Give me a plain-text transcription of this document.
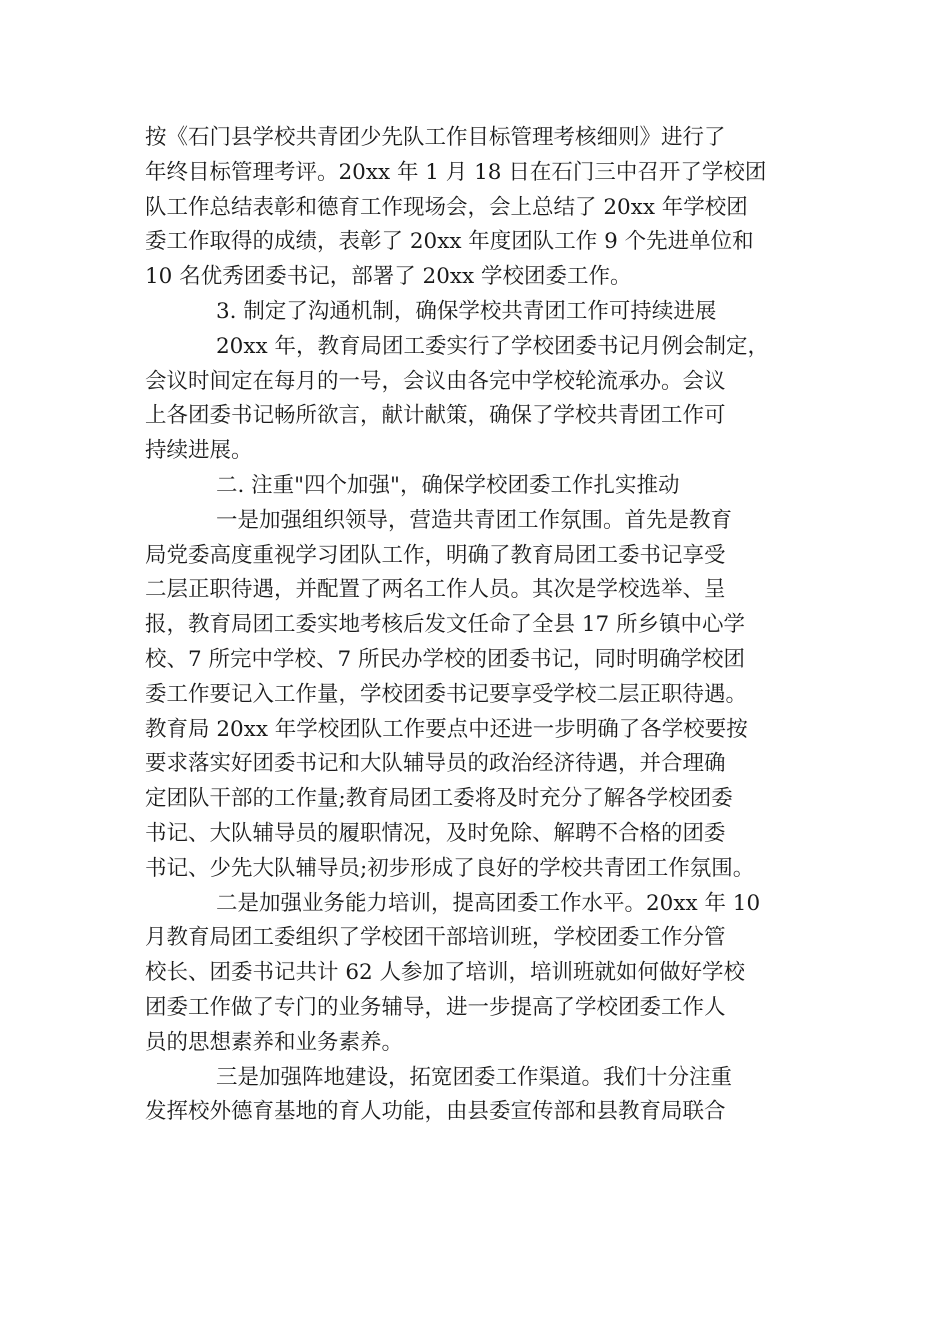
按《石门县学校共青团少先队工作目标管理考核细则》进行了
年终目标管理考评。20xx 年 1 月 18 日在石门三中召开了学校团
队工作总结表彰和德育工作现场会，会上总结了 20xx 年学校团
委工作取得的成绩，表彰了 20xx 年度团队工作 9 个先进单位和
10 名优秀团委书记，部署了 20xx 学校团委工作。
3. 制定了沟通机制，确保学校共青团工作可持续进展
20xx 年，教育局团工委实行了学校团委书记月例会制定，
会议时间定在每月的一号，会议由各完中学校轮流承办。会议
上各团委书记畅所欲言，献计献策，确保了学校共青团工作可
持续进展。
二. 注重"四个加强"，确保学校团委工作扎实推动
一是加强组织领导，营造共青团工作氛围。首先是教育
局党委高度重视学习团队工作，明确了教育局团工委书记享受
二层正职待遇，并配置了两名工作人员。其次是学校选举、呈
报，教育局团工委实地考核后发文任命了全县 17 所乡镇中心学
校、7 所完中学校、7 所民办学校的团委书记，同时明确学校团
委工作要记入工作量，学校团委书记要享受学校二层正职待遇。
教育局 20xx 年学校团队工作要点中还进一步明确了各学校要按
要求落实好团委书记和大队辅导员的政治经济待遇，并合理确
定团队干部的工作量;教育局团工委将及时充分了解各学校团委
书记、大队辅导员的履职情况，及时免除、解聘不合格的团委
书记、少先大队辅导员;初步形成了良好的学校共青团工作氛围。
二是加强业务能力培训，提高团委工作水平。20xx 年 10
月教育局团工委组织了学校团干部培训班，学校团委工作分管
校长、团委书记共计 62 人参加了培训，培训班就如何做好学校
团委工作做了专门的业务辅导，进一步提高了学校团委工作人
员的思想素养和业务素养。
三是加强阵地建设，拓宽团委工作渠道。我们十分注重
发挥校外德育基地的育人功能，由县委宣传部和县教育局联合
